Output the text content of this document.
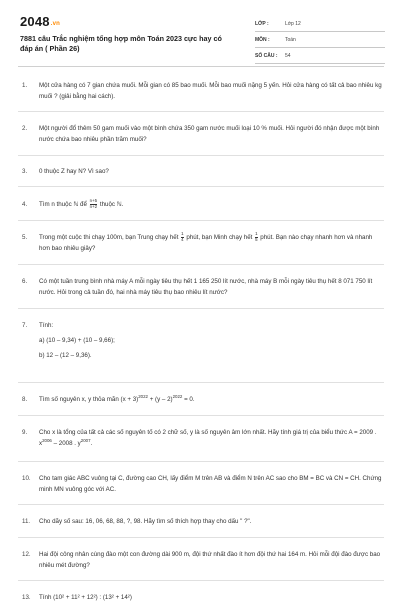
2048.vn
7881 câu Trắc nghiệm tổng hợp môn Toán 2023 cực hay có đáp án ( Phần 26)
LỚP :	Lớp 12
MÔN :	Toán
SỐ CÂU :	54
1.	Một cửa hàng có 7 gian chứa muối. Mỗi gian có 85 bao muối. Mỗi bao muối nặng 5 yến. Hỏi cửa hàng có tất cả bao nhiêu kg muối ? (giải bằng hai cách).
2.	Một người đổ thêm 50 gam muối vào một bình chứa 350 gam nước muối loại 10 % muối. Hỏi người đó nhận được một bình nước chứa bao nhiêu phần trăm muối?
3.	0 thuộc Z hay N? Vì sao?
4.	Tìm n thuộc ℕ để $\frac{n+5}{n+2}$ thuộc ℕ.
5.	Trong một cuộc thi chạy 100m, bạn Trung chạy hết $\frac{1}{4}$ phút, bạn Minh chạy hết $\frac{1}{5}$ phút. Bạn nào chạy nhanh hơn và nhanh hơn bao nhiêu giây?
6.	Có một tuần trung bình nhà máy A mỗi ngày tiêu thụ hết 1 165 250 lít nước, nhà máy B mỗi ngày tiêu thụ hết 8 071 750 lít nước. Hỏi trong cả tuần đó, hai nhà máy tiêu thụ bao nhiêu lít nước?
7.	Tính:
a) (10 – 9,34) + (10 – 9,66);
b) 12 – (12 – 9,36).
8.	Tìm số nguyên x, y thỏa mãn $(x + 3)^{2022} + (y - 2)^{2022} = 0$.
9.	Cho x là tổng của tất cả các số nguyên tố có 2 chữ số, y là số nguyên âm lớn nhất. Hãy tính giá trị của biểu thức A = 2009 . $x^{2006} - 2008$ . $y^{2007}$.
10.	Cho tam giác ABC vuông tại C, đường cao CH, lấy điểm M trên AB và điểm N trên AC sao cho BM = BC và CN = CH. Chứng minh MN vuông góc với AC.
11.	Cho dãy số sau: 16, 06, 68, 88, ?, 98. Hãy tìm số thích hợp thay cho dấu " ?".
12.	Hai đội công nhân cùng đào một con đường dài 900 m, đội thứ nhất đào ít hơn đội thứ hai 164 m. Hỏi mỗi đội đào được bao nhiêu mét đường?
13.	Tính (10² + 11² + 12²) : (13² + 14²)
